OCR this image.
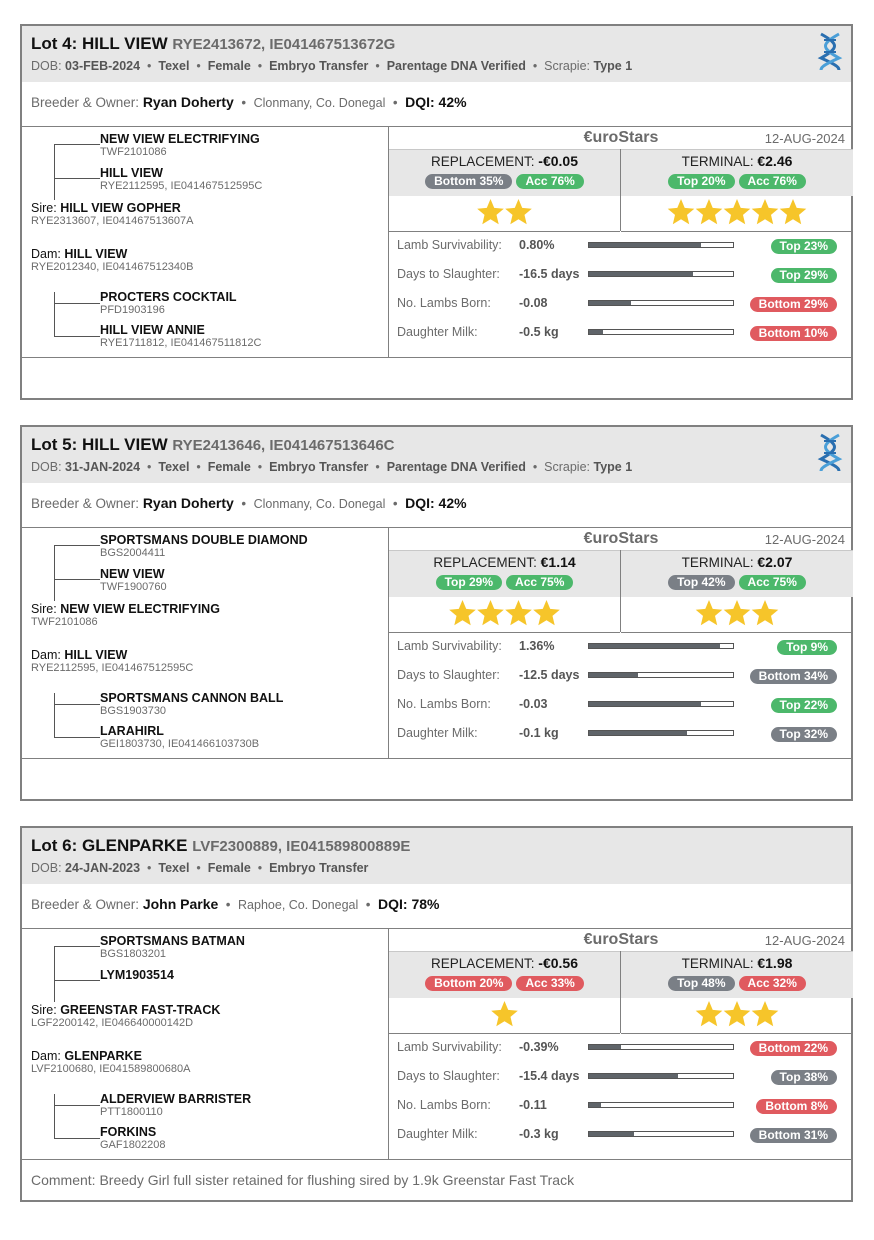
Lot 4: HILL VIEW RYE2413672, IE041467513672G
DOB: 03-FEB-2024  •  Texel  •  Female  •  Embryo Transfer  •  Parentage DNA Verified  •  Scrapie: Type 1
Breeder & Owner: Ryan Doherty  •  Clonmany, Co. Donegal  •  DQI: 42%
NEW VIEW ELECTRIFYING
TWF2101086
HILL VIEW
RYE2112595, IE041467512595C
Sire: HILL VIEW GOPHER
RYE2313607, IE041467513607A
Dam: HILL VIEW
RYE2012340, IE041467512340B
PROCTERS COCKTAIL
PFD1903196
HILL VIEW ANNIE
RYE1711812, IE041467511812C
€uroStars	12-AUG-2024
REPLACEMENT: -€0.05
Bottom 35% Acc 76%
TERMINAL: €2.46
Top 20% Acc 76%
Lamb Survivability: 0.80%	Top 23%
Days to Slaughter: -16.5 days	Top 29%
No. Lambs Born: -0.08	Bottom 29%
Daughter Milk:	-0.5 kg	Bottom 10%
Lot 5: HILL VIEW RYE2413646, IE041467513646C
DOB: 31-JAN-2024  •  Texel  •  Female  •  Embryo Transfer  •  Parentage DNA Verified  •  Scrapie: Type 1
Breeder & Owner: Ryan Doherty  •  Clonmany, Co. Donegal  •  DQI: 42%
SPORTSMANS DOUBLE DIAMOND
BGS2004411
NEW VIEW
TWF1900760
Sire: NEW VIEW ELECTRIFYING
TWF2101086
Dam: HILL VIEW
RYE2112595, IE041467512595C
SPORTSMANS CANNON BALL
BGS1903730
LARAHIRL
GEI1803730, IE041466103730B
€uroStars	12-AUG-2024
REPLACEMENT: €1.14
Top 29% Acc 75%
TERMINAL: €2.07
Top 42% Acc 75%
Lamb Survivability: 1.36%	Top 9%
Days to Slaughter: -12.5 days	Bottom 34%
No. Lambs Born: -0.03	Top 22%
Daughter Milk:	-0.1 kg	Top 32%
Lot 6: GLENPARKE LVF2300889, IE041589800889E
DOB: 24-JAN-2023  •  Texel  •  Female  •  Embryo Transfer
Breeder & Owner: John Parke  •  Raphoe, Co. Donegal  •  DQI: 78%
SPORTSMANS BATMAN
BGS1803201
LYM1903514
Sire: GREENSTAR FAST-TRACK
LGF2200142, IE046640000142D
Dam: GLENPARKE
LVF2100680, IE041589800680A
ALDERVIEW BARRISTER
PTT1800110
FORKINS
GAF1802208
€uroStars	12-AUG-2024
REPLACEMENT: -€0.56
Bottom 20% Acc 33%
TERMINAL: €1.98
Top 48% Acc 32%
Lamb Survivability: -0.39%	Bottom 22%
Days to Slaughter: -15.4 days	Top 38%
No. Lambs Born: -0.11	Bottom 8%
Daughter Milk:	-0.3 kg	Bottom 31%
Comment: Breedy Girl full sister retained for flushing sired by 1.9k Greenstar Fast Track
